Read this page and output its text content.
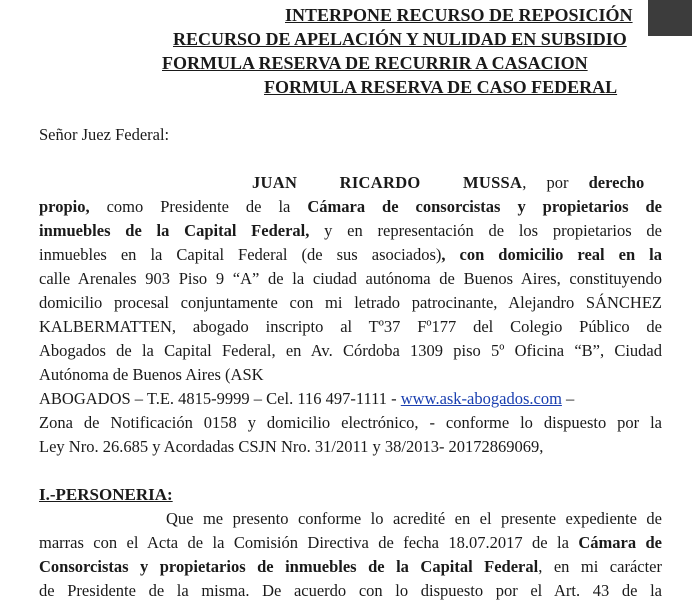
INTERPONE RECURSO DE REPOSICIÓN
RECURSO DE APELACIÓN Y NULIDAD EN SUBSIDIO
FORMULA RESERVA DE RECURRIR A CASACION
FORMULA RESERVA DE CASO FEDERAL
Señor Juez Federal:
JUAN RICARDO MUSSA, por derecho
propio, como Presidente de la Cámara de consorcistas y propietarios de
inmuebles de la Capital Federal, y en representación de los propietarios de
inmuebles en la Capital Federal (de sus asociados), con domicilio real en la
calle Arenales 903 Piso 9 “A” de la ciudad autónoma de Buenos Aires, constituyendo
domicilio procesal conjuntamente con mi letrado patrocinante, Alejandro SÁNCHEZ
KALBERMATTEN, abogado inscripto al Tº37 Fº177 del Colegio Público de
Abogados de la Capital Federal, en Av. Córdoba 1309 piso 5º Oficina “B”, Ciudad
Autónoma de Buenos Aires (ASK
ABOGADOS – T.E. 4815-9999 – Cel. 116 497-1111 - www.ask-abogados.com –
Zona de Notificación 0158 y domicilio electrónico, - conforme lo dispuesto por la
Ley Nro. 26.685 y Acordadas CSJN Nro. 31/2011 y 38/2013- 20172869069,
I.-PERSONERIA:
Que me presento conforme lo acredité en el presente expediente de
marras con el Acta de la Comisión Directiva de fecha 18.07.2017 de la Cámara de
Consorcistas y propietarios de inmuebles de la Capital Federal, en mi carácter
de Presidente de la misma. De acuerdo con lo dispuesto por el Art. 43 de la
